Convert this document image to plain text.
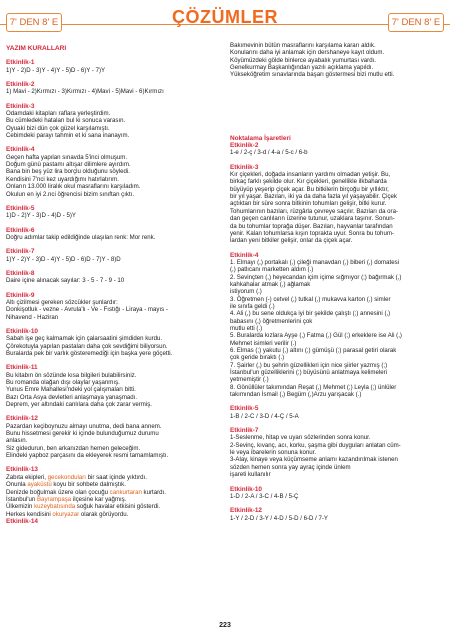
7' DEN 8' E	ÇÖZÜMLER	7' DEN 8' E
YAZIM KURALLARI
Etkinlik-1
1)Y - 2)D - 3)Y - 4)Y - 5)D - 6)Y - 7)Y
Etkinlik-2
1) Mavi - 2)Kırmızı - 3)Kırmızı - 4)Mavi - 5)Mavi - 6)Kırmızı
Etkinlik-3
Odamdaki kitapları raflara yerleştirdim.
Bu cümledeki hataları bul ki sonuca varasın.
Oyuaki bizi dün çok güzel karşılamıştı.
Cebimdeki parayı tahmin et ki sana inanayım.
Etkinlik-4
Geçen hafta yapılan sınavda 5'inci olmuşum.
Doğum günü pastamı altışar dilimlere ayırdım.
Bana bin beş yüz lira borçlu olduğunu söyledi.
Kendisini 7'nci kez uyardığımı hatırlatırım.
Onların 13.000 liralık okul masraflarını karşıladım.
Okulun en iyi 2.nci öğrencisi bizim sınıftan çıktı.
Etkinlik-5
1)D - 2)Y - 3)D - 4)D - 5)Y
Etkinlik-6
Doğru adımlar takip edildiğinde ulaşılan renk: Mor renk.
Etkinlik-7
1)Y - 2)Y - 3)D - 4)Y - 5)D - 6)D - 7)Y - 8)D
Etkinlik-8
Daire içine alınacak sayılar: 3 - 5 - 7 - 9 - 10
Etkinlik-9
Altı çizilmesi gereken sözcükler şunlardır:
Donkişotluk - vezne - Avrula'lı - Ve - Fıstığı - Liraya - mayıs -
Nihavend - Haziran
Etkinlik-10
Sabah işe geç kalmamak için çalarsaatini şimdiden kurdu.
Çörekotuyla yapılan pastaları daha çok sevdiğimi biliyorsun.
Buralarda pek bir varlık gösteremediği için başka yere göçetti.
Etkinlik-11
Bu kitabın ön sözünde kısa bilgileri bulabilirsiniz.
Bu romanda olağan dışı olaylar yaşanmış.
Yunus Emre Mahallesi'ndeki yol çalışmaları bitti.
Bazı Orta Asya devletleri anlaşmaya yanaşmadı.
Deprem, yer altındaki canlılara daha çok zarar vermiş.
Etkinlik-12
Pazardan keçiboynuzu almayı unutma, dedi bana annem.
Bunu hissetmesi gerekir ki içinde bulunduğumuz durumu
anlasın.
Siz gidedurun, ben arkanızdan hemen geleceğim.
Elindeki yapboz parçasını da ekleyerek resmi tamamlamıştı.
Etkinlik-13
Zabıta ekipleri, gecekonduları bir saat içinde yıktırdı.
Onunla ayaküstü koyu bir sohbete dalmıştık.
Denizde boğulmak üzere olan çocuğu cankurtaran kurtardı.
İstanbul'un Bayrampaşa ilçesine kar yağmış.
Ülkemizin kuzeybatısında soğuk havalar etkisini gösterdi.
Herkes kendisini okuryazar olarak görüyordu.
Etkinlik-14
Bakımevinin bütün masraflarını karşılama kararı aldık.
Konularını daha iyi anlamak için dershaneye kayıt oldum.
Köyümüzdeki gölde binlerce ayabalık yumurtası vardı.
Genelkurmay Başkanlığından yazılı açıklama yapıldı.
Yükseköğretim sınavlarında başarı göstermesi bizi mutlu etti.
Noktalama İşaretleri
Etkinlik-2
1-e / 2-ç / 3-d / 4-a / 5-c / 6-b
Etkinlik-3
Kır çiçekleri, doğada insanların yardımı olmadan yetişir. Bu,
birkaç farklı şekilde olur. Kır çiçekleri, genellikle ilkbaharda
büyüyüp yeşerip çiçek açar. Bu bitkilerin birçoğu bir yıllıktır,
bir yıl yaşar. Bazıları, iki ya da daha fazla yıl yaşayabilir. Çiçek
açtıktan bir süre sonra bitkinin tohumları gelişir, bitki kurur.
Tohumlarının bazıları, rüzgârla çevreye saçılır. Bazıları da ora-
dan geçen canlıların üzerine tutunur, uzaklara taşınır. Sonun-
da bu tohumlar toprağa düşer. Bazıları, hayvanlar tarafından
yenir. Kalan tohumlarsa kışın toprakta uyur. Sonra bu tohum-
lardan yeni bitkiler gelişir, onlar da çiçek açar.
Etkinlik-4
1. Elmayı (,) portakalı (,) çileği manavdan (,) biberi (,) domatesi
(,) patlıcanı marketten aldım (.)
2. Sevinçten (,) heyecandan içim içime sığmıyor (;) bağırmak (,)
kahkahalar atmak (,) ağlamak
istiyorum (.)
3. Öğretmen (-) cetvel (,) tutkal (,) mukavva karton (,) simler
ile sınıfa geldi (.)
4. Ali (,) bu sene oldukça iyi bir şekilde çalıştı (;) annesini (,)
babasını (,) öğretmenlerini çok
mutlu etti (.)
5. Buralarda kızlara Ayşe (,) Fatma (,) Gül (;) erkeklere ise Ali (,)
Mehmet isimleri verilir (.)
6. Elmas (;) yakutu (,) altını (;) gümüşü (;) parasal getiri olarak
çok geride bıraktı (.)
7. Şairler (,) bu şehrin güzellikleri için nice şiirler yazmış (;)
İstanbul'un güzelliklerini (;) büyüsünü anlatmaya kelimeleri
yetmemiştir (.)
8. Gönüllüler takımından Reşat (,) Mehmet (;) Leyla (;) ünlüler
takımından İsmail (,) Begüm (,)Arzu yarışacak (.)
Etkinlik-5
1-B / 2-C / 3-D / 4-Ç / 5-A
Etkinlik-7
1-Seslenme, hitap ve uyarı sözlerinden sonra konur.
2-Sevinç, kıvanç, acı, korku, şaşma gibi duyguları anlatan cüm-
le veya ibarelerin sonuna konur.
3-Alay, kinaye veya küçümseme anlamı kazandırılmak istenen
sözden hemen sonra yay ayraç içinde ünlem
işareti kullanılır
Etkinlik-10
1-D / 2-A / 3-C / 4-B / 5-Ç
Etkinlik-12
1-Y / 2-D / 3-Y / 4-D / 5-D / 6-D / 7-Y
223
